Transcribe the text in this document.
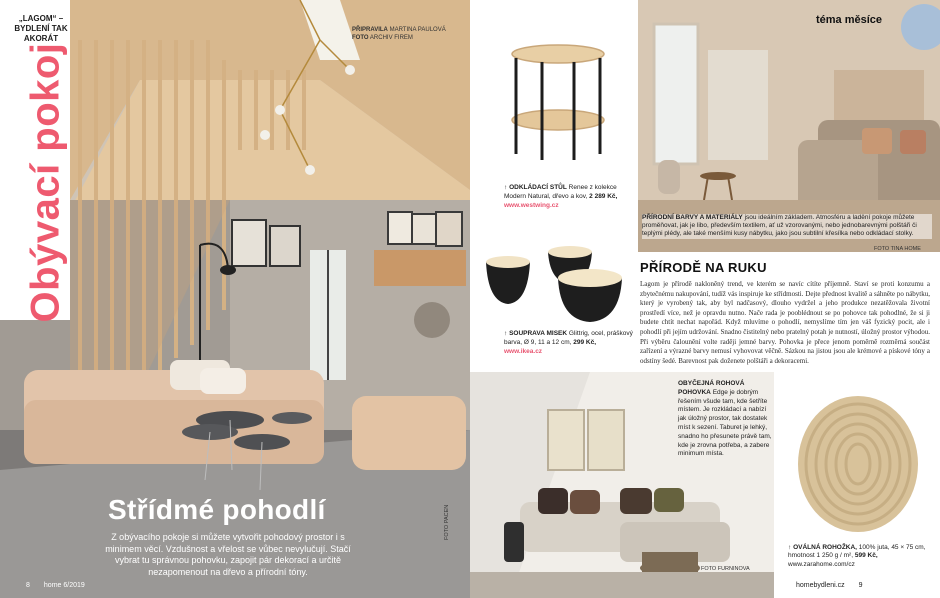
„LAGOM“ – BYDLENÍ TAK AKORÁT
Obývací pokoj
PŘIPRAVILA MARTINA PAULOVÁ
FOTO ARCHIV FIREM
Střídmé pohodlí
Z obývacího pokoje si můžete vytvořit pohodový prostor i s minimem věcí. Vzdušnost a vřelost se vůbec nevylučují. Stačí vybrat tu správnou pohovku, zapojit pár dekorací a určitě nezapomenout na dřevo a přírodní tóny.
FOTO PACEN
8 home 6/2019
↑ ODKLÁDACÍ STŮL Renee z kolekce Modern Natural, dřevo a kov, 2 289 Kč, www.westwing.cz
↑ SOUPRAVA MISEK Glittrig, ocel, práškový barva, Ø 9, 11 a 12 cm, 299 Kč, www.ikea.cz
téma měsíce
PŘÍRODNÍ BARVY A MATERIÁLY jsou ideálním základem. Atmosféru a ladění pokoje můžete proměňovat, jak je libo, především textilem, ať už vzorovanými, nebo jednobarevnými polštáři či teplými plédy, ale také menšími kusy nábytku, jako jsou subtilní křesílka nebo odkládací stolky.
FOTO TINA HOME
PŘÍRODĚ NA RUKU
Lagom je přírodě nakloněný trend, ve kterém se navíc cítíte příjemně. Staví se proti konzumu a zbytečnému nakupování, tudíž vás inspiruje ke střídmosti. Dejte přednost kvalitě a sáhněte po nábytku, který je vyrobený tak, aby byl nadčasový, dlouho vydržel a jeho produkce nezatěžovala životní prostředí více, než je opravdu nutno. Nače rada je pooblédnout se po pohovce tak pohodlné, že si ji budete chtít nechat napořád. Když mluvíme o pohodlí, nemyslíme tím jen váš fyzický pocit, ale i pohodlí při jejím udržování. Snadno čistitelný nebo pratelný potah je nutností, úložný prostor výhodou. Při výběru čalounění volte raději jemné barvy. Pohovka je přece jenom poměrně rozměrná součást zařízení a výrazné barvy nemusí vyhovovat věčně. Sázkou na jistou jsou ale krémové a pískové tóny a odstíny šedé. Barevnost pak doženete polštáři a dekoracemi.
OBYČEJNÁ ROHOVÁ POHOVKA Edge je dobrým řešením všude tam, kde šetříte místem. Je rozkládací a nabízí jak úložný prostor, tak dostatek míst k sezení. Taburet je lehký, snadno ho přesunete právě tam, kde je zrovna potřeba, a zabere minimum místa.
FOTO FURNINOVA
↑ OVÁLNÁ ROHOŽKA, 100% juta, 45 × 75 cm, hmotnost 1 250 g / m², 599 Kč, www.zarahome.com/cz
homebydleni.cz 9
